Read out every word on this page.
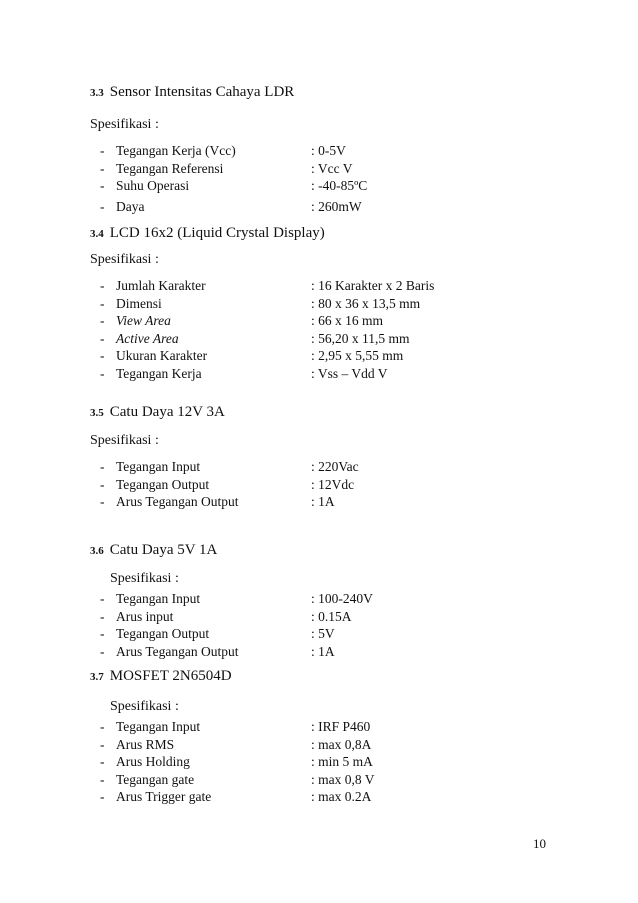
3.3 Sensor Intensitas Cahaya LDR
Spesifikasi :
- Tegangan Kerja (Vcc)	: 0-5V
- Tegangan Referensi	: Vcc V
- Suhu Operasi	: -40-85ºC
- Daya	: 260mW
3.4 LCD 16x2 (Liquid Crystal Display)
Spesifikasi :
- Jumlah Karakter	: 16 Karakter x 2 Baris
- Dimensi	: 80 x 36 x 13,5 mm
- View Area	: 66 x 16 mm
- Active Area	: 56,20 x 11,5 mm
- Ukuran Karakter	: 2,95 x 5,55 mm
- Tegangan Kerja	: Vss – Vdd V
3.5 Catu Daya 12V 3A
Spesifikasi :
- Tegangan Input	: 220Vac
- Tegangan Output	: 12Vdc
- Arus Tegangan Output	: 1A
3.6 Catu Daya 5V 1A
Spesifikasi :
- Tegangan Input	: 100-240V
- Arus input	: 0.15A
- Tegangan Output	: 5V
- Arus Tegangan Output	: 1A
3.7 MOSFET 2N6504D
Spesifikasi :
- Tegangan Input	: IRF P460
- Arus RMS	: max 0,8A
- Arus Holding	: min 5 mA
- Tegangan gate	: max 0,8 V
- Arus Trigger gate	: max 0.2A
10
